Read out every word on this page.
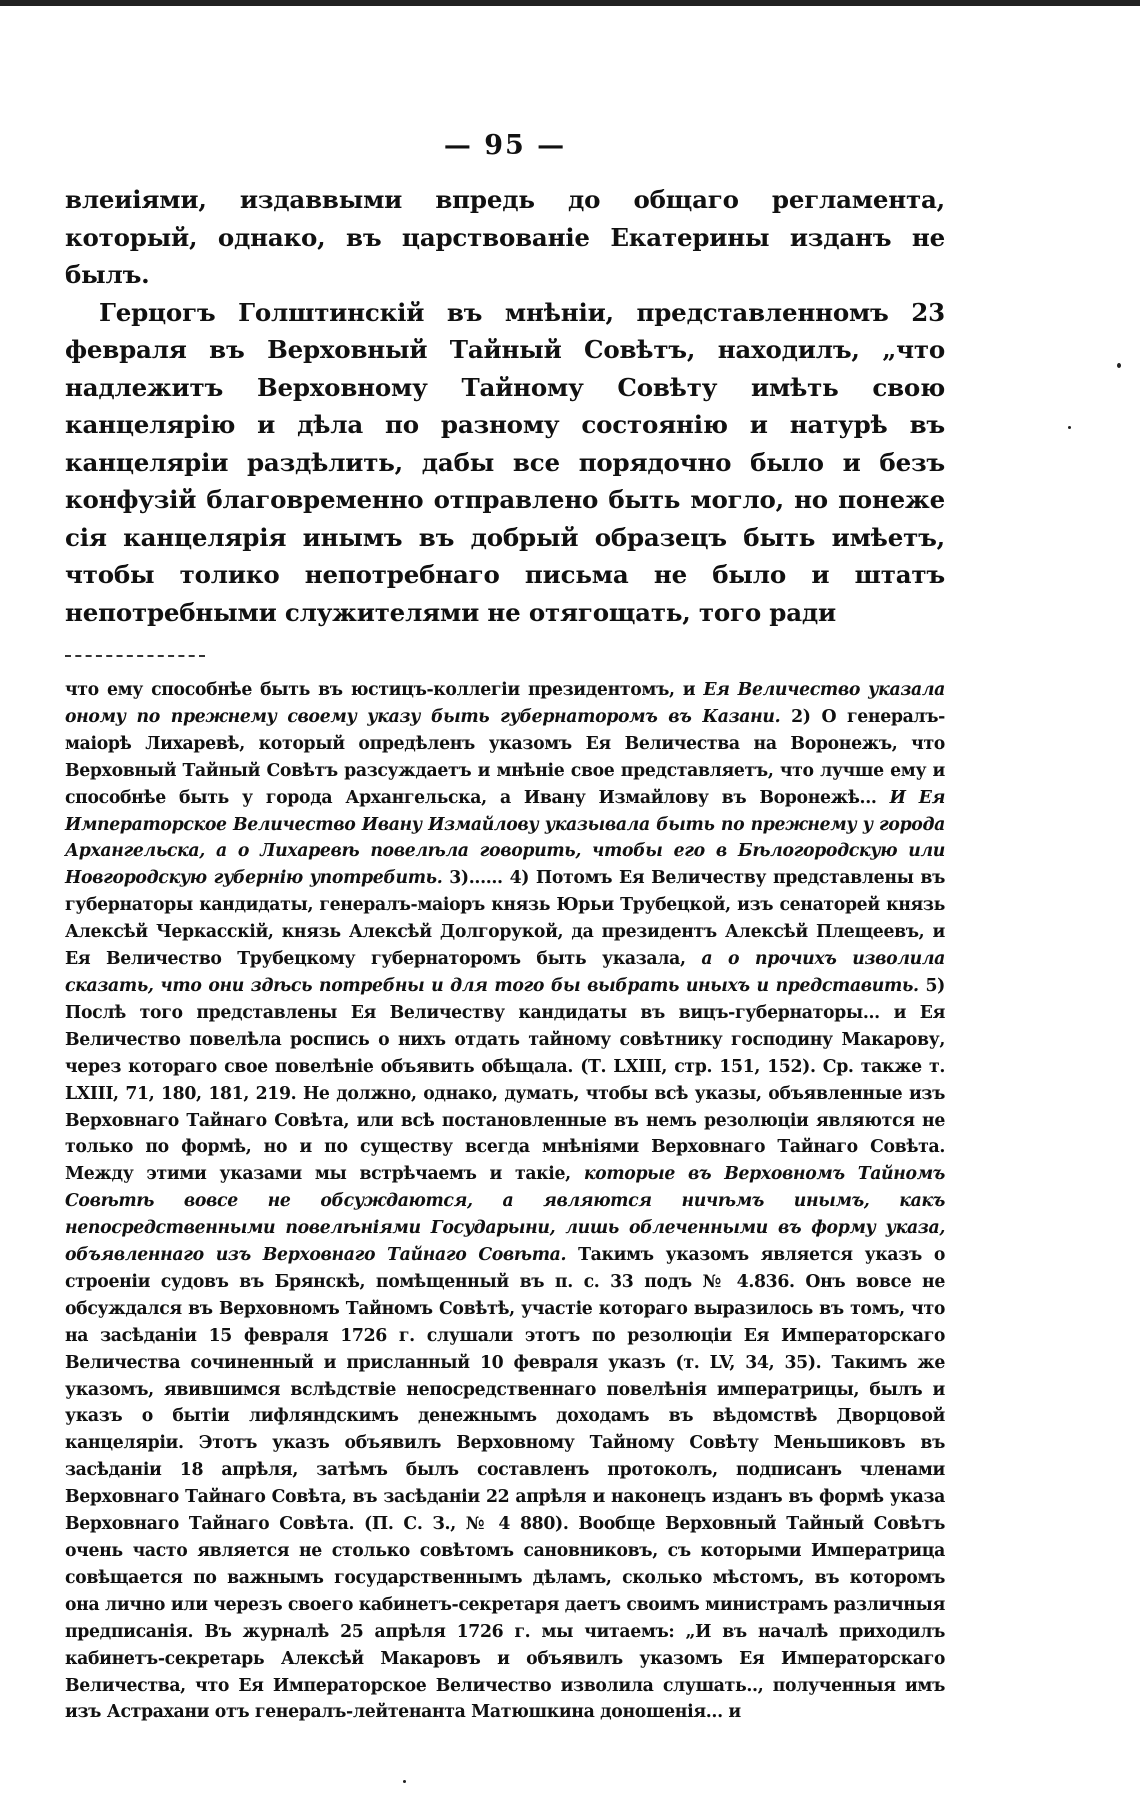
— 95 —

влеиіями, издаввыми впредь до общаго регламента, который, однако, въ царствованіе Екатерины изданъ не былъ.

Герцогъ Голштинскій въ мнѣніи, представленномъ 23 февраля въ Верховный Тайный Совѣтъ, находилъ, „что надлежитъ Верховному Тайному Совѣту имѣть свою канцелярію и дѣла по разному состоянію и натурѣ въ канцеляріи раздѣлить, дабы все порядочно было и безъ конфузій благовременно отправлено быть могло, но понеже сія канцелярія инымъ въ добрый образецъ быть имѣетъ, чтобы толико непотребнаго письма не было и штатъ непотребными служителями не отягощать, того ради

что ему способнѣе быть въ юстицъ-коллегіи президентомъ, и Ея Величество указала оному по прежнему своему указу быть губернаторомъ въ Казани. 2) О генералъ-маіорѣ Лихаревѣ, который опредѣленъ указомъ Ея Величества на Воронежъ, что Верховный Тайный Совѣтъ разсуждаетъ и мнѣніе свое представляетъ, что лучше ему и способнѣе быть у города Архангельска, а Ивану Измайлову въ Воронежѣ... И Ея Императорское Величество Ивану Измайлову указывала быть по прежнему у города Архангельска, а о Лихаревѣ повелѣла говорить, чтобы его в Бѣлогородскую или Новгородскую губернію употребить. 3)...... 4) Потомъ Ея Величеству представлены въ губернаторы кандидаты, генералъ-маіоръ князь Юрьи Трубецкой, изъ сенаторей князь Алексѣй Черкасскій, князь Алексѣй Долгорукой, да президентъ Алексѣй Плещеевъ, и Ея Величество Трубецкому губернаторомъ быть указала, а о прочихъ изволила сказать, что они здѣсь потребны и для того бы выбрать иныхъ и представить. 5) Послѣ того представлены Ея Величеству кандидаты въ вицъ-губернаторы... и Ея Величество повелѣла роспись о нихъ отдать тайному совѣтнику господину Макарову, через котораго свое повелѣніе объявить обѣщала. (Т. LXIII, стр. 151, 152). Ср. также т. LXIII, 71, 180, 181, 219. Не должно, однако, думать, чтобы всѣ указы, объявленные изъ Верховнаго Тайнаго Совѣта, или всѣ постановленные въ немъ резолюціи являются не только по формѣ, но и по существу всегда мнѣніями Верховнаго Тайнаго Совѣта. Между этими указами мы встрѣчаемъ и такіе, которые въ Верховномъ Тайномъ Совѣтѣ вовсе не обсуждаются, а являются ничѣмъ инымъ, какъ непосредственными повелѣніями Государыни, лишь облеченными въ форму указа, объявленнаго изъ Верховнаго Тайнаго Совѣта. Такимъ указомъ является указъ о строеніи судовъ въ Брянскѣ, помѣщенный въ п. с. 33 подъ № 4.836. Онъ вовсе не обсуждался въ Верховномъ Тайномъ Совѣтѣ, участіе котораго выразилось въ томъ, что на засѣданіи 15 февраля 1726 г. слушали этотъ по резолюціи Ея Императорскаго Величества сочиненный и присланный 10 февраля указъ (т. LV, 34, 35). Такимъ же указомъ, явившимся вслѣдствіе непосредственнаго повелѣнія императрицы, былъ и указъ о бытіи лифляндскимъ денежнымъ доходамъ въ вѣдомствѣ Дворцовой канцеляріи. Этотъ указъ объявилъ Верховному Тайному Совѣту Меньшиковъ въ засѣданіи 18 апрѣля, затѣмъ былъ составленъ протоколъ, подписанъ членами Верховнаго Тайнаго Совѣта, въ засѣданіи 22 апрѣля и наконецъ изданъ въ формѣ указа Верховнаго Тайнаго Совѣта. (П. С. З., № 4 880). Вообще Верховный Тайный Совѣтъ очень часто является не столько совѣтомъ сановниковъ, съ которыми Императрица совѣщается по важнымъ государственнымъ дѣламъ, сколько мѣстомъ, въ которомъ она лично или черезъ своего кабинетъ-секретаря даетъ своимъ министрамъ различныя предписанія. Въ журналѣ 25 апрѣля 1726 г. мы читаемъ: „И въ началѣ приходилъ кабинетъ-секретарь Алексѣй Макаровъ и объявилъ указомъ Ея Императорскаго Величества, что Ея Императорское Величество изволила слушать.., полученныя имъ изъ Астрахани отъ генералъ-лейтенанта Матюшкина доношенія... и
